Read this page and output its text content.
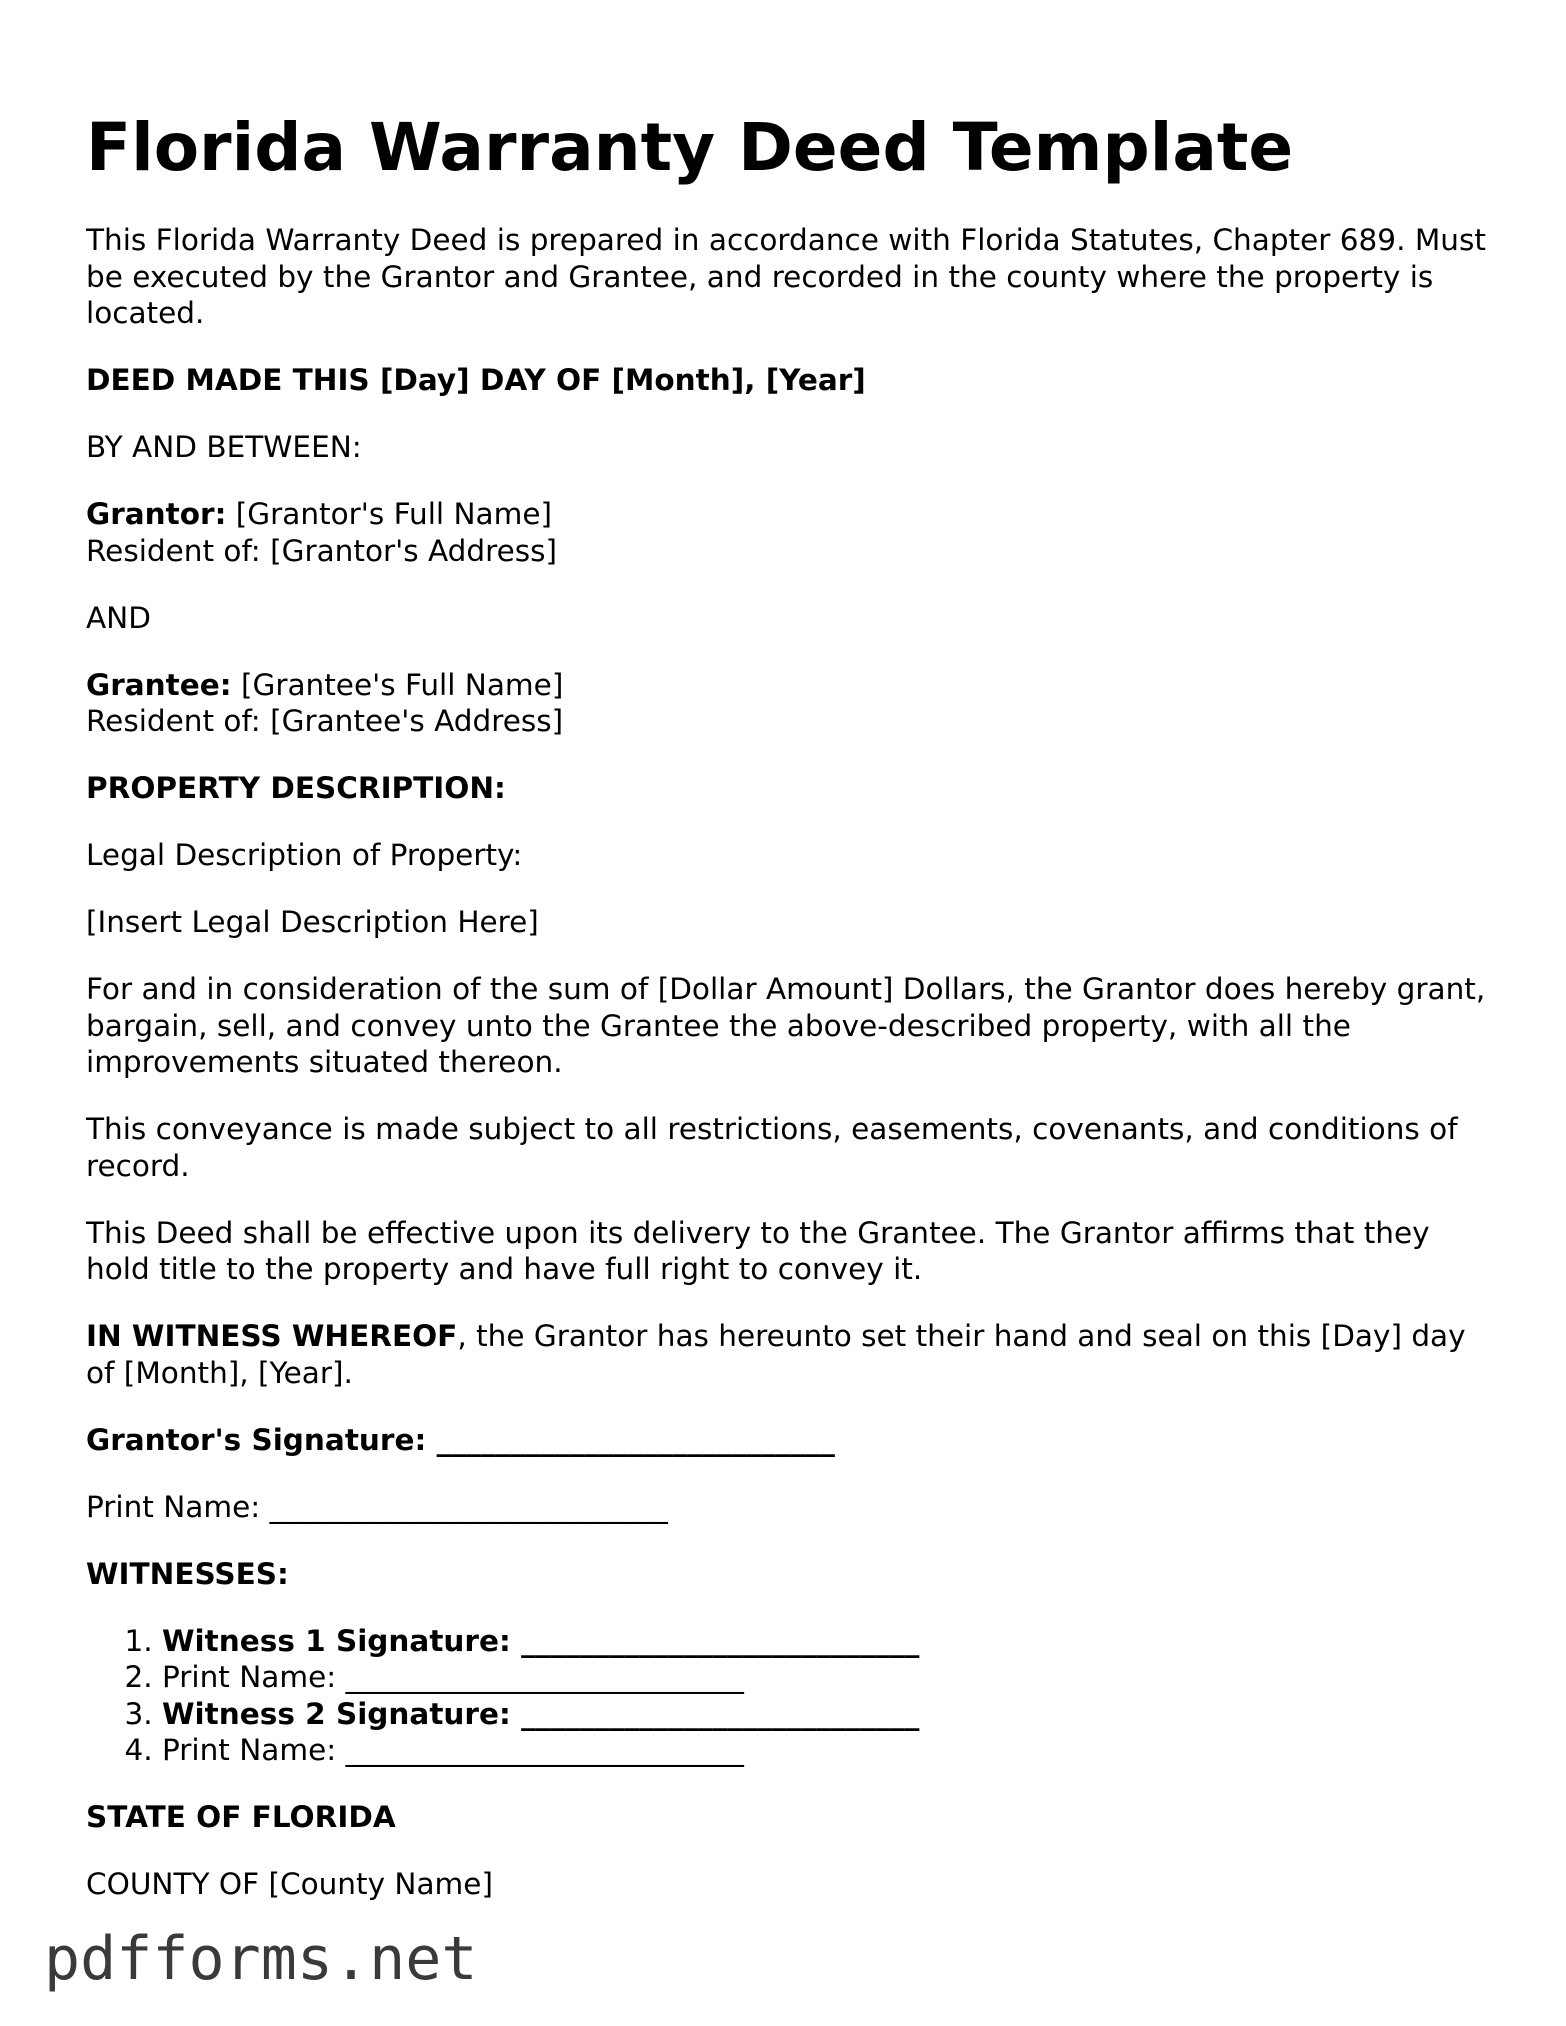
Florida Warranty Deed Template

This Florida Warranty Deed is prepared in accordance with Florida Statutes, Chapter 689. Must be executed by the Grantor and Grantee, and recorded in the county where the property is located.

DEED MADE THIS [Day] DAY OF [Month], [Year]

BY AND BETWEEN:

Grantor: [Grantor's Full Name]
Resident of: [Grantor's Address]

AND

Grantee: [Grantee's Full Name]
Resident of: [Grantee's Address]

PROPERTY DESCRIPTION:

Legal Description of Property:

[Insert Legal Description Here]

For and in consideration of the sum of [Dollar Amount] Dollars, the Grantor does hereby grant, bargain, sell, and convey unto the Grantee the above-described property, with all the improvements situated thereon.

This conveyance is made subject to all restrictions, easements, covenants, and conditions of record.

This Deed shall be effective upon its delivery to the Grantee. The Grantor affirms that they hold title to the property and have full right to convey it.

IN WITNESS WHEREOF, the Grantor has hereunto set their hand and seal on this [Day] day of [Month], [Year].

Grantor's Signature: ___________________________

Print Name: ___________________________

WITNESSES:

1. Witness 1 Signature: ___________________________
2. Print Name: ___________________________
3. Witness 2 Signature: ___________________________
4. Print Name: ___________________________

STATE OF FLORIDA

COUNTY OF [County Name]

pdfforms.net
